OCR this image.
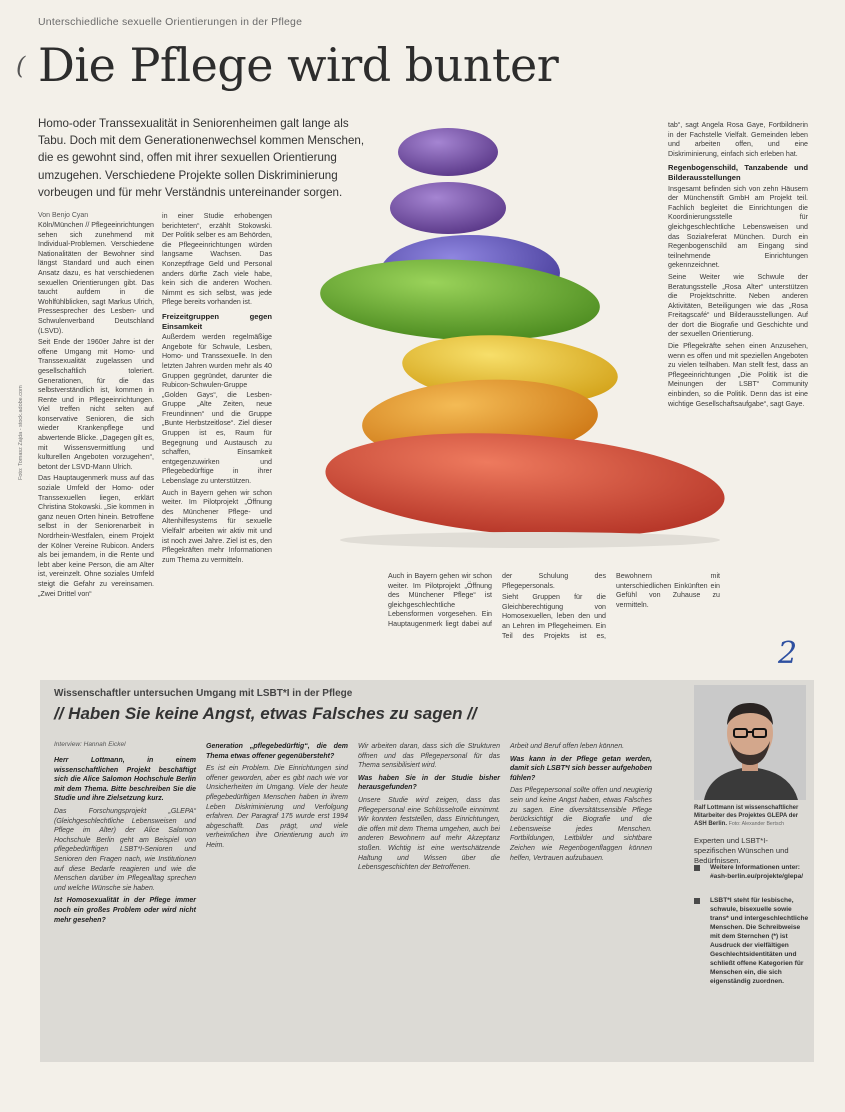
Unterschiedliche sexuelle Orientierungen in der Pflege
( Die Pflege wird bunter
Homo-oder Transsexualität in Seniorenheimen galt lange als Tabu. Doch mit dem Generationenwechsel kommen Menschen, die es gewohnt sind, offen mit ihrer sexuellen Orientierung umzugehen. Verschiedene Projekte sollen Diskriminierung vorbeugen und für mehr Verständnis untereinander sorgen.
Von Benjo Cyan
Foto: Tomasz Zajda - stock.adobe.com

Köln/München // Pflegeeinrichtungen sehen sich zunehmend mit Individual-Problemen. Verschiedene Nationalitäten der Bewohner sind längst Standard und auch einen Ansatz dazu, es hat verschiedenen sexuellen Orientierungen gibt. Das taucht aufdem in die Wohlfühlblicken, sagt Markus Ulrich, Pressesprecher des Lesben- und Schwulenverband Deutschland (LSVD).

Seit Ende der 1960er Jahre ist der offene Umgang mit Homo- und Transsexualität zugelassen und gesellschaftlich toleriert. Generationen, für die das selbstverständlich ist, kommen in Rente und in Pflegeeinrichtungen. Viel treffen nicht selten auf konservative Senioren, die sich wieder Krankenpflege und abwertende Blicke. „Dagegen gilt es, mit Wissensvermittlung und kulturellen Angeboten vorzugehen“, betont der LSVD-Mann Ulrich.

Das Hauptaugenmerk muss auf das soziale Umfeld der Homo- oder Transsexuellen liegen, erklärt Christina Stokowski. „Sie kommen in ganz neuen Orten hinein. Betroffene selbst in der Seniorenarbeit in Nordrhein-Westfalen, einem Projekt der Kölner Vereine Rubicon. Anders als bei jemandem, in die Rente und lebt aber keine Person, die am Alter ist, vereinzelt. Ohne soziales Umfeld steigt die Gefahr zu vereinsamen. „Zwei Drittel von“

in einer Studie erhobengen berichteten“, erzählt Stokowski. Der Politik selber es am Behörden, die Pflegeeinrichtungen würden langsame Wachsen. Das Konzeptfrage Geld und Personal anders dürfte Zach viele habe, kein sich die anderen Wochen. Nimmt es sich selbst, was jede Pflege bereits vorhanden ist.

Freizeitgruppen gegen Einsamkeit

Außerdem werden regelmäßige Angebote für Schwule, Lesben, Homo- und Transsexuelle. In den letzten Jahren wurden mehr als 40 Gruppen gegründet, darunter die Rubicon-Schwulen-Gruppe „Golden Gays“, die Lesben-Gruppe „Alte Zeiten, neue Freundinnen“ und die Gruppe „Bunte Herbstzeitlose“. Ziel dieser Gruppen ist es, Raum für Begegnung und Austausch zu schaffen, Einsamkeit entgegenzuwirken und Pflegebedürftige in ihrer Lebenslage zu unterstützen.

Auch in Bayern gehen wir schon weiter. Im Pilotprojekt „Öffnung des Münchener Pflege- und Altenhilfesystems für sexuelle Vielfalt“ arbeiten wir aktiv mit und ist noch zwei Jahre. Ziel ist es, den Pflegekräften mehr Informationen zum Thema zu vermitteln.

Auch in Bayern gehen wir schon weiter. Im Pilotprojekt „Öffnung des Münchener Pflege“ ist gleichgeschlechtliche Lebensformen vorgesehen. Ein Hauptaugenmerk liegt dabei auf der Schulung des Pflegepersonals.

Sieht Gruppen für die Gleichberechtigung von Homosexuellen, leben den und an Lehren im Pflegeheimen. Ein Teil des Projekts ist es, Bewohnern mit unterschiedlichen Einkünften ein Gefühl von Zuhause zu vermitteln.

tab“, sagt Angela Rosa Gaye, Fortbildnerin in der Fachstelle Vielfalt. Gemeinden leben und arbeiten offen, und eine Diskriminierung, einfach sich erleben hat.

Regenbogenschild, Tanzabende und Bilderausstellungen

Insgesamt befinden sich von zehn Häusern der Münchenstift GmbH am Projekt teil. Fachlich begleitet die Einrichtungen die Koordinierungsstelle für gleichgeschlechtliche Lebensweisen und das Sozialreferat München. Durch ein Regenbogenschild am Eingang sind teilnehmende Einrichtungen gekennzeichnet.

Seine Weiter wie Schwule der Beratungsstelle „Rosa Alter“ unterstützen die Projektschritte. Neben anderen Aktivitäten, Beteiligungen wie das „Rosa Freitagscafé“ und Bilderausstellungen. Auf der dort die Biografie und Geschichte und der sexuellen Orientierung.

Die Pflegekräfte sehen einen Anzusehen, wenn es offen und mit speziellen Angeboten zu vielen teilhaben. Man stellt fest, dass an Pflegeeinrichtungen „Die Politik ist die Meinungen der LSBT“ Community einbinden, so die Politik. Denn das ist eine wichtige Gesellschaftsaufgabe“, sagt Gaye.

2
Wissenschaftler untersuchen Umgang mit LSBT*I in der Pflege
// Haben Sie keine Angst, etwas Falsches zu sagen //
Interview: Hannah Eickel

Herr Lottmann, in einem wissenschaftlichen Projekt beschäftigt sich die Alice Salomon Hochschule Berlin mit dem Thema. Bitte beschreiben Sie die Studie und ihre Zielsetzung kurz.

Das Forschungsprojekt „GLEPA“ (Gleichgeschlechtliche Lebensweisen und Pflege im Alter) der Alice Salomon Hochschule Berlin geht am Beispiel von pflegebedürftigen LSBT*I-Senioren und Senioren den Fragen nach, wie Institutionen auf diese Bedarfe reagieren und wie die Menschen darüber im Pflegealltag sprechen und welche Wünsche sie haben.

Ist Homosexualität in der Pflege immer noch ein großes Problem oder wird nicht mehr gesehen?

Generation „pflegebedürftig“, die dem Thema etwas offener gegenübersteht?

Es ist ein Problem. Die Einrichtungen sind offener geworden, aber es gibt nach wie vor Unsicherheiten im Umgang. Viele der heute pflegebedürftigen Menschen haben in ihrem Leben Diskriminierung und Verfolgung erfahren. Der Paragraf 175 wurde erst 1994 abgeschafft. Das prägt, und viele verheimlichen ihre Orientierung auch im Heim.

Wir arbeiten daran, dass sich die Strukturen öffnen und das Pflegepersonal für das Thema sensibilisiert wird.

Was haben Sie in der Studie bisher herausgefunden?

Unsere Studie wird zeigen, dass das Pflegepersonal eine Schlüsselrolle einnimmt. Wir konnten feststellen, dass Einrichtungen, die offen mit dem Thema umgehen, auch bei anderen Bewohnern auf mehr Akzeptanz stoßen. Wichtig ist eine wertschätzende Haltung und Wissen über die Lebensgeschichten der Betroffenen.

Arbeit und Beruf offen leben können.

Was kann in der Pflege getan werden, damit sich LSBT*I sich besser aufgehoben fühlen?

Das Pflegepersonal sollte offen und neugierig sein und keine Angst haben, etwas Falsches zu sagen. Eine diversitätssensible Pflege berücksichtigt die Biografie und die Lebensweise jedes Menschen. Fortbildungen, Leitbilder und sichtbare Zeichen wie Regenbogenflaggen können helfen, Vertrauen aufzubauen.

Ralf Lottmann ist wissenschaftlicher Mitarbeiter des Projektes GLEPA der ASH Berlin. Foto: Alexander Bertsch
Experten und LSBT*I-spezifischen Wünschen und Bedürfnissen.
Weitere Informationen unter: #ash-berlin.eu/projekte/glepa/
LSBT*I steht für lesbische, schwule, bisexuelle sowie trans* und intergeschlechtliche Menschen. Die Schreibweise mit dem Sternchen (*) ist Ausdruck der vielfältigen Geschlechtsidentitäten und schließt offene Kategorien für Menschen ein, die sich eigenständig zuordnen.
